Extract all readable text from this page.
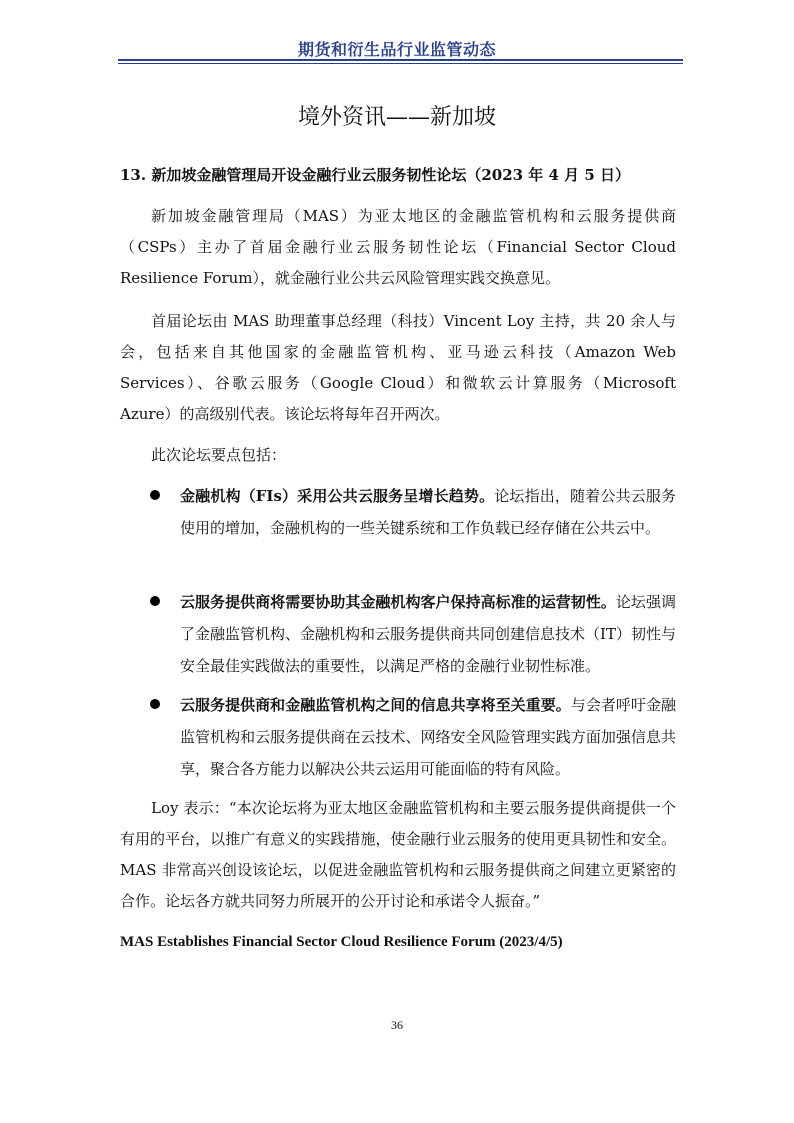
期货和衍生品行业监管动态
境外资讯——新加坡
13. 新加坡金融管理局开设金融行业云服务韧性论坛（2023 年 4 月 5 日）

新加坡金融管理局（MAS）为亚太地区的金融监管机构和云服务提供商（CSPs）主办了首届金融行业云服务韧性论坛（Financial Sector Cloud Resilience Forum），就金融行业公共云风险管理实践交换意见。

首届论坛由 MAS 助理董事总经理（科技）Vincent Loy 主持，共 20 余人与会，包括来自其他国家的金融监管机构、亚马逊云科技（Amazon Web Services）、谷歌云服务（Google Cloud）和微软云计算服务（Microsoft Azure）的高级别代表。该论坛将每年召开两次。

此次论坛要点包括：

金融机构（FIs）采用公共云服务呈增长趋势。论坛指出，随着公共云服务使用的增加，金融机构的一些关键系统和工作负载已经存储在公共云中。
云服务提供商将需要协助其金融机构客户保持高标准的运营韧性。论坛强调了金融监管机构、金融机构和云服务提供商共同创建信息技术（IT）韧性与安全最佳实践做法的重要性，以满足严格的金融行业韧性标准。
云服务提供商和金融监管机构之间的信息共享将至关重要。与会者呼吁金融监管机构和云服务提供商在云技术、网络安全风险管理实践方面加强信息共享，聚合各方能力以解决公共云运用可能面临的特有风险。

Loy 表示：“本次论坛将为亚太地区金融监管机构和主要云服务提供商提供一个有用的平台，以推广有意义的实践措施，使金融行业云服务的使用更具韧性和安全。MAS 非常高兴创设该论坛，以促进金融监管机构和云服务提供商之间建立更紧密的合作。论坛各方就共同努力所展开的公开讨论和承诺令人振奋。”

MAS Establishes Financial Sector Cloud Resilience Forum (2023/4/5)
36
